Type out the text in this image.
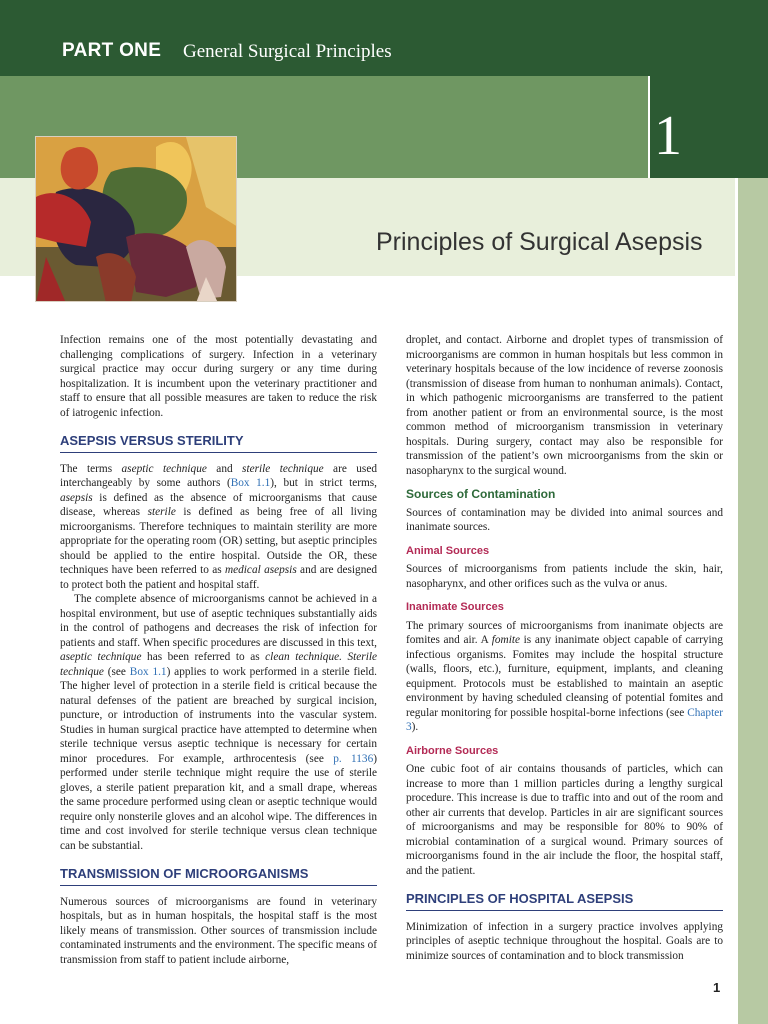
PART ONE General Surgical Principles
1
Principles of Surgical Asepsis

Infection remains one of the most potentially devastating and challenging complications of surgery. Infection in a veterinary surgical practice may occur during surgery or any time during hospitalization. It is incumbent upon the veterinary practitioner and staff to ensure that all possible measures are taken to reduce the risk of iatrogenic infection.

ASEPSIS VERSUS STERILITY

The terms aseptic technique and sterile technique are used interchangeably by some authors (Box 1.1), but in strict terms, asepsis is defined as the absence of microorganisms that cause disease, whereas sterile is defined as being free of all living microorganisms. Therefore techniques to maintain sterility are more appropriate for the operating room (OR) setting, but aseptic principles should be applied to the entire hospital. Outside the OR, these techniques have been referred to as medical asepsis and are designed to protect both the patient and hospital staff.

The complete absence of microorganisms cannot be achieved in a hospital environment, but use of aseptic techniques substantially aids in the control of pathogens and decreases the risk of infection for patients and staff. When specific procedures are discussed in this text, aseptic technique has been referred to as clean technique. Sterile technique (see Box 1.1) applies to work performed in a sterile field. The higher level of protection in a sterile field is critical because the natural defenses of the patient are breached by surgical incision, puncture, or introduction of instruments into the vascular system. Studies in human surgical practice have attempted to determine when sterile technique versus aseptic technique is necessary for certain minor procedures. For example, arthrocentesis (see p. 1136) performed under sterile technique might require the use of sterile gloves, a sterile patient preparation kit, and a small drape, whereas the same procedure performed using clean or aseptic technique would require only nonsterile gloves and an alcohol wipe. The differences in time and cost involved for sterile technique versus clean technique can be substantial.

TRANSMISSION OF MICROORGANISMS

Numerous sources of microorganisms are found in veterinary hospitals, but as in human hospitals, the hospital staff is the most likely means of transmission. Other sources of transmission include contaminated instruments and the environment. The specific means of transmission from staff to patient include airborne,

droplet, and contact. Airborne and droplet types of transmission of microorganisms are common in human hospitals but less common in veterinary hospitals because of the low incidence of reverse zoonosis (transmission of disease from human to nonhuman animals). Contact, in which pathogenic microorganisms are transferred to the patient from another patient or from an environmental source, is the most common method of microorganism transmission in veterinary hospitals. During surgery, contact may also be responsible for transmission of the patient’s own microorganisms from the skin or nasopharynx to the surgical wound.

Sources of Contamination

Sources of contamination may be divided into animal sources and inanimate sources.

Animal Sources

Sources of microorganisms from patients include the skin, hair, nasopharynx, and other orifices such as the vulva or anus.

Inanimate Sources

The primary sources of microorganisms from inanimate objects are fomites and air. A fomite is any inanimate object capable of carrying infectious organisms. Fomites may include the hospital structure (walls, floors, etc.), furniture, equipment, implants, and cleaning equipment. Protocols must be established to maintain an aseptic environment by having scheduled cleansing of potential fomites and regular monitoring for possible hospital-borne infections (see Chapter 3).

Airborne Sources

One cubic foot of air contains thousands of particles, which can increase to more than 1 million particles during a lengthy surgical procedure. This increase is due to traffic into and out of the room and other air currents that develop. Particles in air are significant sources of microorganisms and may be responsible for 80% to 90% of microbial contamination of a surgical wound. Primary sources of microorganisms found in the air include the floor, the hospital staff, and the patient.

PRINCIPLES OF HOSPITAL ASEPSIS

Minimization of infection in a surgery practice involves applying principles of aseptic technique throughout the hospital. Goals are to minimize sources of contamination and to block transmission

1
